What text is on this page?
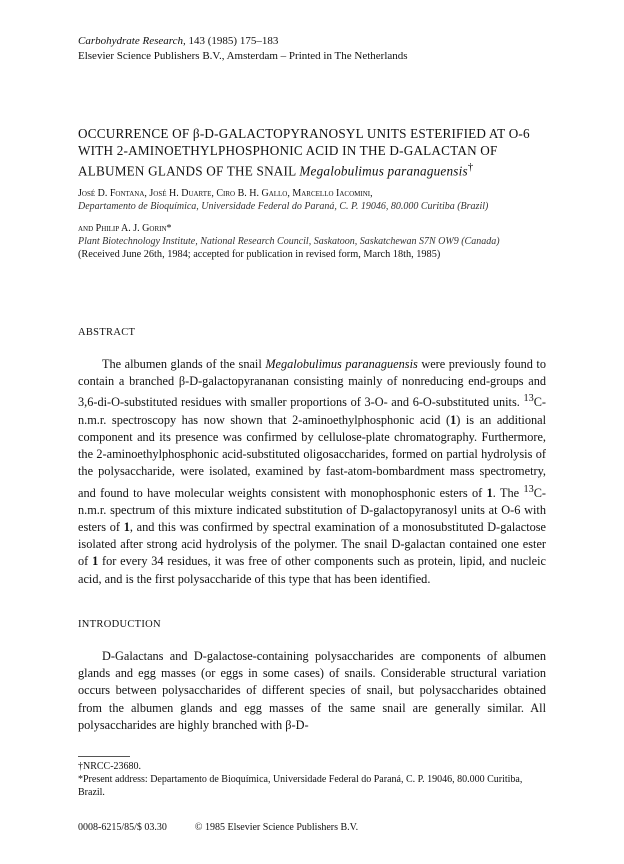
Carbohydrate Research, 143 (1985) 175–183
Elsevier Science Publishers B.V., Amsterdam – Printed in The Netherlands
OCCURRENCE OF β-D-GALACTOPYRANOSYL UNITS ESTERIFIED AT O-6 WITH 2-AMINOETHYLPHOSPHONIC ACID IN THE D-GALACTAN OF ALBUMEN GLANDS OF THE SNAIL Megalobulimus paranaguensis†
José D. Fontana, José H. Duarte, Ciro B. H. Gallo, Marcello Iacomini,
Departamento de Bioquímica, Universidade Federal do Paraná, C. P. 19046, 80.000 Curitiba (Brazil)
and Philip A. J. Gorin*
Plant Biotechnology Institute, National Research Council, Saskatoon, Saskatchewan S7N OW9 (Canada)
(Received June 26th, 1984; accepted for publication in revised form, March 18th, 1985)
ABSTRACT

The albumen glands of the snail Megalobulimus paranaguensis were previously found to contain a branched β-D-galactopyrananan consisting mainly of nonreducing end-groups and 3,6-di-O-substituted residues with smaller proportions of 3-O- and 6-O-substituted units. $^{13}$C-n.m.r. spectroscopy has now shown that 2-aminoethylphosphonic acid (1) is an additional component and its presence was confirmed by cellulose-plate chromatography. Furthermore, the 2-aminoethylphosphonic acid-substituted oligosaccharides, formed on partial hydrolysis of the polysaccharide, were isolated, examined by fast-atom-bombardment mass spectrometry, and found to have molecular weights consistent with monophosphonic esters of 1. The $^{13}$C-n.m.r. spectrum of this mixture indicated substitution of D-galactopyranosyl units at O-6 with esters of 1, and this was confirmed by spectral examination of a monosubstituted D-galactose isolated after strong acid hydrolysis of the polymer. The snail D-galactan contained one ester of 1 for every 34 residues, it was free of other components such as protein, lipid, and nucleic acid, and is the first polysaccharide of this type that has been identified.

INTRODUCTION

D-Galactans and D-galactose-containing polysaccharides are components of albumen glands and egg masses (or eggs in some cases) of snails. Considerable structural variation occurs between polysaccharides of different species of snail, but polysaccharides obtained from the albumen glands and egg masses of the same snail are generally similar. All polysaccharides are highly branched with β-D-

†NRCC-23680.
*Present address: Departamento de Bioquímica, Universidade Federal do Paraná, C. P. 19046, 80.000 Curitiba, Brazil.
0008-6215/85/$ 03.30	© 1985 Elsevier Science Publishers B.V.
